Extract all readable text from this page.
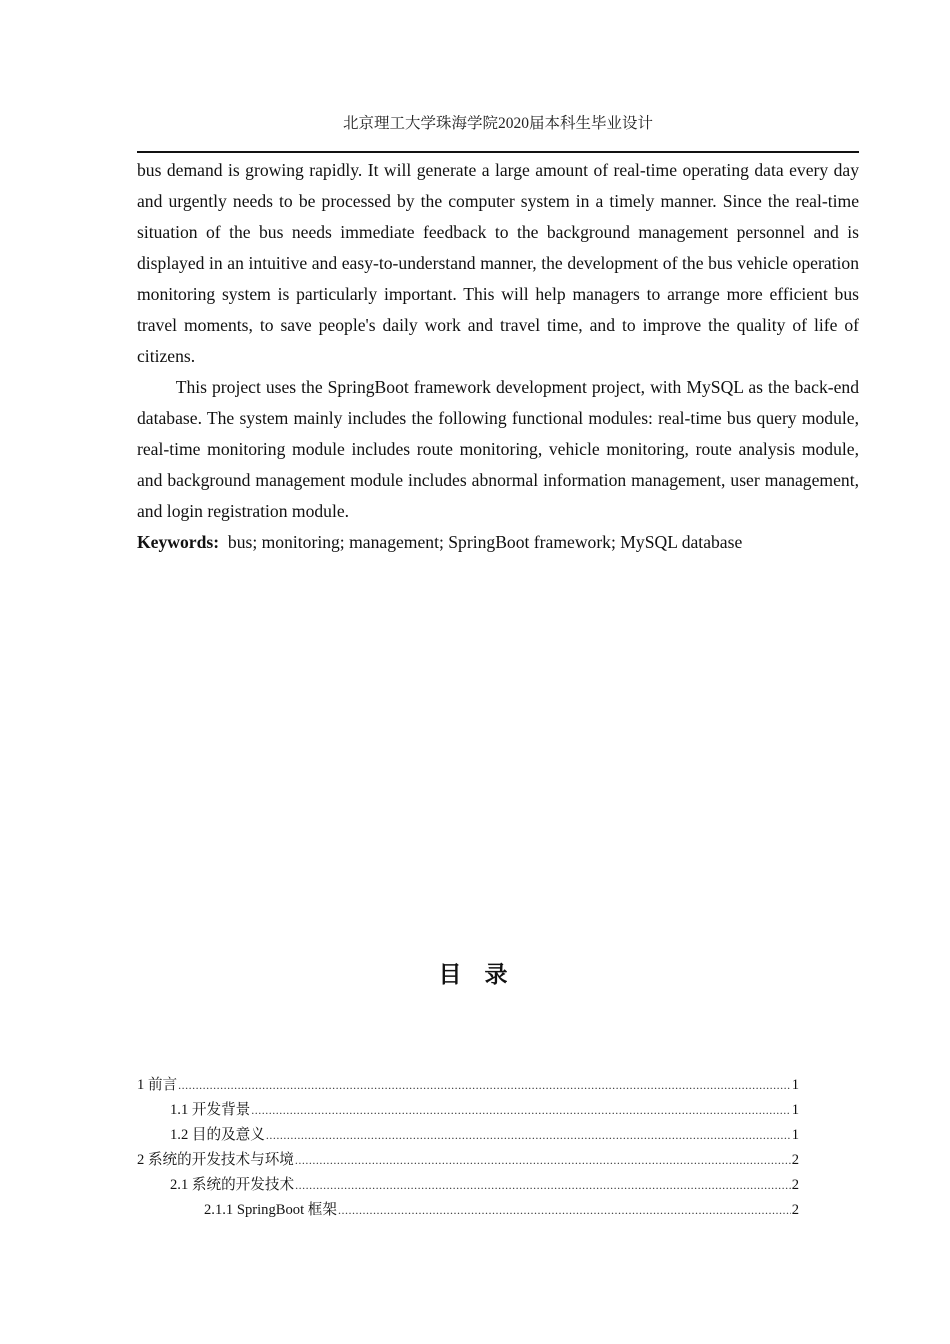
北京理工大学珠海学院2020届本科生毕业设计

bus demand is growing rapidly. It will generate a large amount of real-time operating data every day and urgently needs to be processed by the computer system in a timely manner. Since the real-time situation of the bus needs immediate feedback to the background management personnel and is displayed in an intuitive and easy-to-understand manner, the development of the bus vehicle operation monitoring system is particularly important. This will help managers to arrange more efficient bus travel moments, to save people's daily work and travel time, and to improve the quality of life of citizens.

This project uses the SpringBoot framework development project, with MySQL as the back-end database. The system mainly includes the following functional modules: real-time bus query module, real-time monitoring module includes route monitoring, vehicle monitoring, route analysis module, and background management module includes abnormal information management, user management, and login registration module.

Keywords: bus; monitoring; management; SpringBoot framework; MySQL database

目　录
1 前言 .....	1
1.1 开发背景 .....	1
1.2 目的及意义 .....	1
2 系统的开发技术与环境 .....	2
2.1 系统的开发技术 .....	2
2.1.1 SpringBoot 框架 .....	2
